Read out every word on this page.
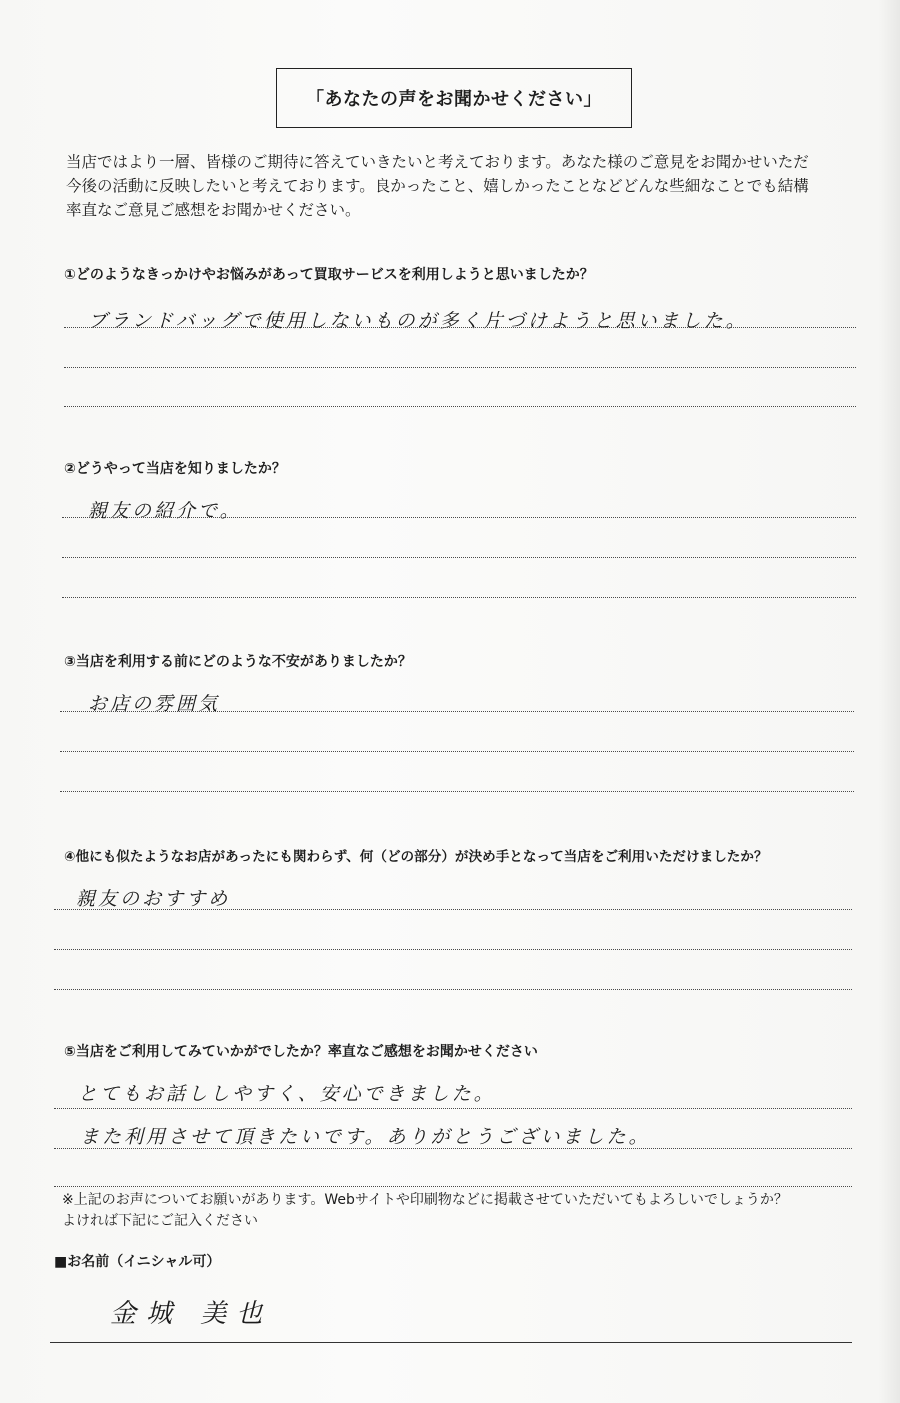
「あなたの声をお聞かせください」
当店ではより一層、皆様のご期待に答えていきたいと考えております。あなた様のご意見をお聞かせいただ
今後の活動に反映したいと考えております。良かったこと、嬉しかったことなどどんな些細なことでも結構
率直なご意見ご感想をお聞かせください。
①どのようなきっかけやお悩みがあって買取サービスを利用しようと思いましたか？
ブランドバッグで使用しないものが多く片づけようと思いました。
②どうやって当店を知りましたか？
親友の紹介で。
③当店を利用する前にどのような不安がありましたか？
お店の雰囲気
④他にも似たようなお店があったにも関わらず、何（どの部分）が決め手となって当店をご利用いただけましたか？
親友のおすすめ
⑤当店をご利用してみていかがでしたか？率直なご感想をお聞かせください
とてもお話ししやすく、安心できました。
また利用させて頂きたいです。ありがとうございました。
※上記のお声についてお願いがあります。Webサイトや印刷物などに掲載させていただいてもよろしいでしょうか？
よければ下記にご記入ください
■お名前（イニシャル可）
金城 美也
